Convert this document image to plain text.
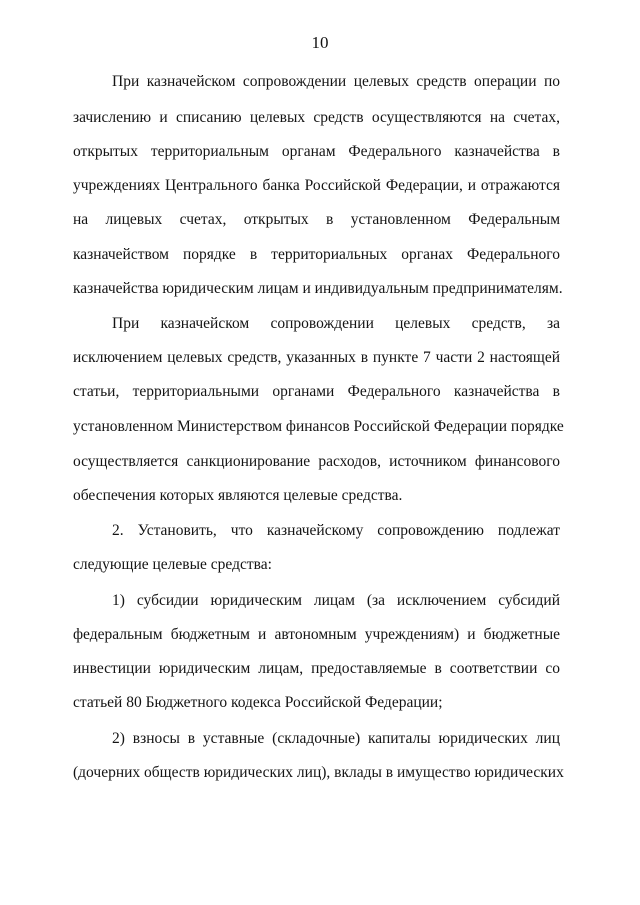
10
При казначейском сопровождении целевых средств операции по
зачислению и списанию целевых средств осуществляются на счетах,
открытых территориальным органам Федерального казначейства в
учреждениях Центрального банка Российской Федерации, и отражаются
на лицевых счетах, открытых в установленном Федеральным
казначейством порядке в территориальных органах Федерального
казначейства юридическим лицам и индивидуальным предпринимателям.
При казначейском сопровождении целевых средств, за
исключением целевых средств, указанных в пункте 7 части 2 настоящей
статьи, территориальными органами Федерального казначейства в
установленном Министерством финансов Российской Федерации порядке
осуществляется санкционирование расходов, источником финансового
обеспечения которых являются целевые средства.
2. Установить, что казначейскому сопровождению подлежат
следующие целевые средства:
1) субсидии юридическим лицам (за исключением субсидий
федеральным бюджетным и автономным учреждениям) и бюджетные
инвестиции юридическим лицам, предоставляемые в соответствии со
статьей 80 Бюджетного кодекса Российской Федерации;
2) взносы в уставные (складочные) капиталы юридических лиц
(дочерних обществ юридических лиц), вклады в имущество юридических
